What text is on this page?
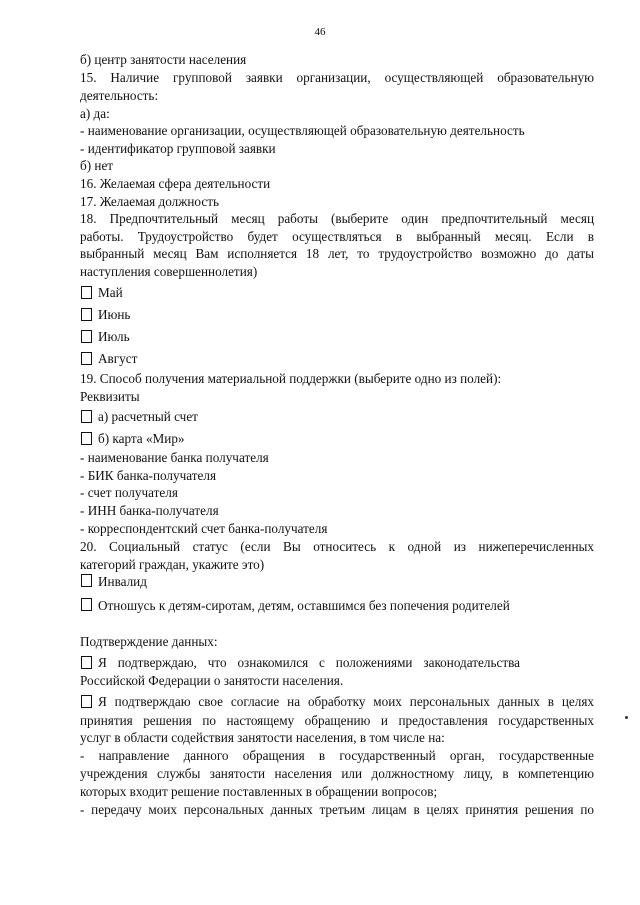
46
б) центр занятости населения
15. Наличие групповой заявки организации, осуществляющей образовательную
деятельность:
а) да:
- наименование организации, осуществляющей образовательную деятельность
- идентификатор групповой заявки
б) нет
16. Желаемая сфера деятельности
17. Желаемая должность
18. Предпочтительный месяц работы (выберите один предпочтительный месяц
работы. Трудоустройство будет осуществляться в выбранный месяц. Если в
выбранный месяц Вам исполняется 18 лет, то трудоустройство возможно до даты
наступления совершеннолетия)
Май
Июнь
Июль
Август
19. Способ получения материальной поддержки (выберите одно из полей):
Реквизиты
а) расчетный счет
б) карта «Мир»
- наименование банка получателя
- БИК банка-получателя
- счет получателя
- ИНН банка-получателя
- корреспондентский счет банка-получателя
20. Социальный статус (если Вы относитесь к одной из нижеперечисленных
категорий граждан, укажите это)
Инвалид
Отношусь к детям-сиротам, детям, оставшимся без попечения родителей
Подтверждение данных:
Я подтверждаю, что ознакомился с положениями законодательства
Российской Федерации о занятости населения.
Я подтверждаю свое согласие на обработку моих персональных данных в целях
принятия решения по настоящему обращению и предоставления государственных
услуг в области содействия занятости населения, в том числе на:
- направление данного обращения в государственный орган, государственные
учреждения службы занятости населения или должностному лицу, в компетенцию
которых входит решение поставленных в обращении вопросов;
- передачу моих персональных данных третьим лицам в целях принятия решения по
